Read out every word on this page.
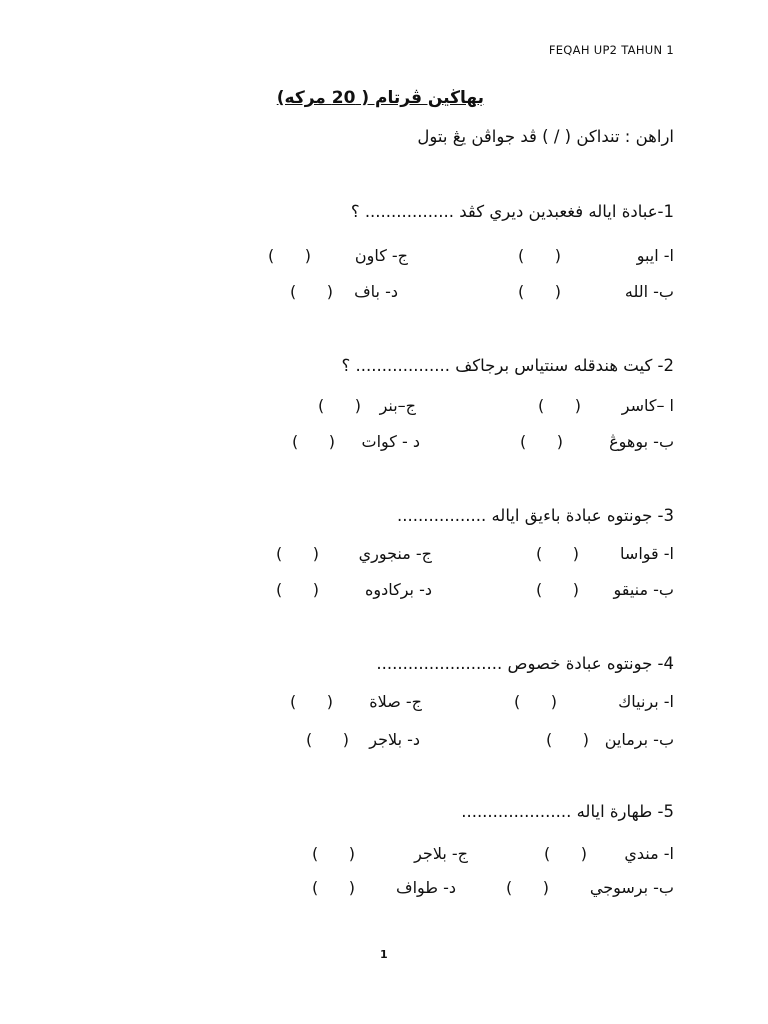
FEQAH UP2 TAHUN 1
بهاڬين ڤرتام ( 20 مركه)
اراهن : تنداكن ( / ) ڤد جواڤن يڠ بتول
1-عبادة اياله فغعبدين ديري كڤد ................. ؟
ا- ايبو
(      )
ج- كاون
(      )
ب- الله
(      )
د- باف
(      )
2- كيت هندقله سنتياس برجاكف .................. ؟
ا –كاسر
(      )
ج–بنر
(      )
ب- بوهوڠ
(      )
د - كوات
(      )
3- جونتوه عبادة باءيق اياله .................
ا- قواسا
(      )
ج- منجوري
(      )
ب- منيقو
(      )
د- بركادوه
(      )
4- جونتوه عبادة خصوص ........................
ا- برنياك
(      )
ج- صلاة
(      )
ب- برماين
(      )
د- بلاجر
(      )
5- طهارة اياله .....................
ا- مندي
(      )
ج- بلاجر
(      )
ب- برسوجي
(      )
د- طواف
(      )
1
